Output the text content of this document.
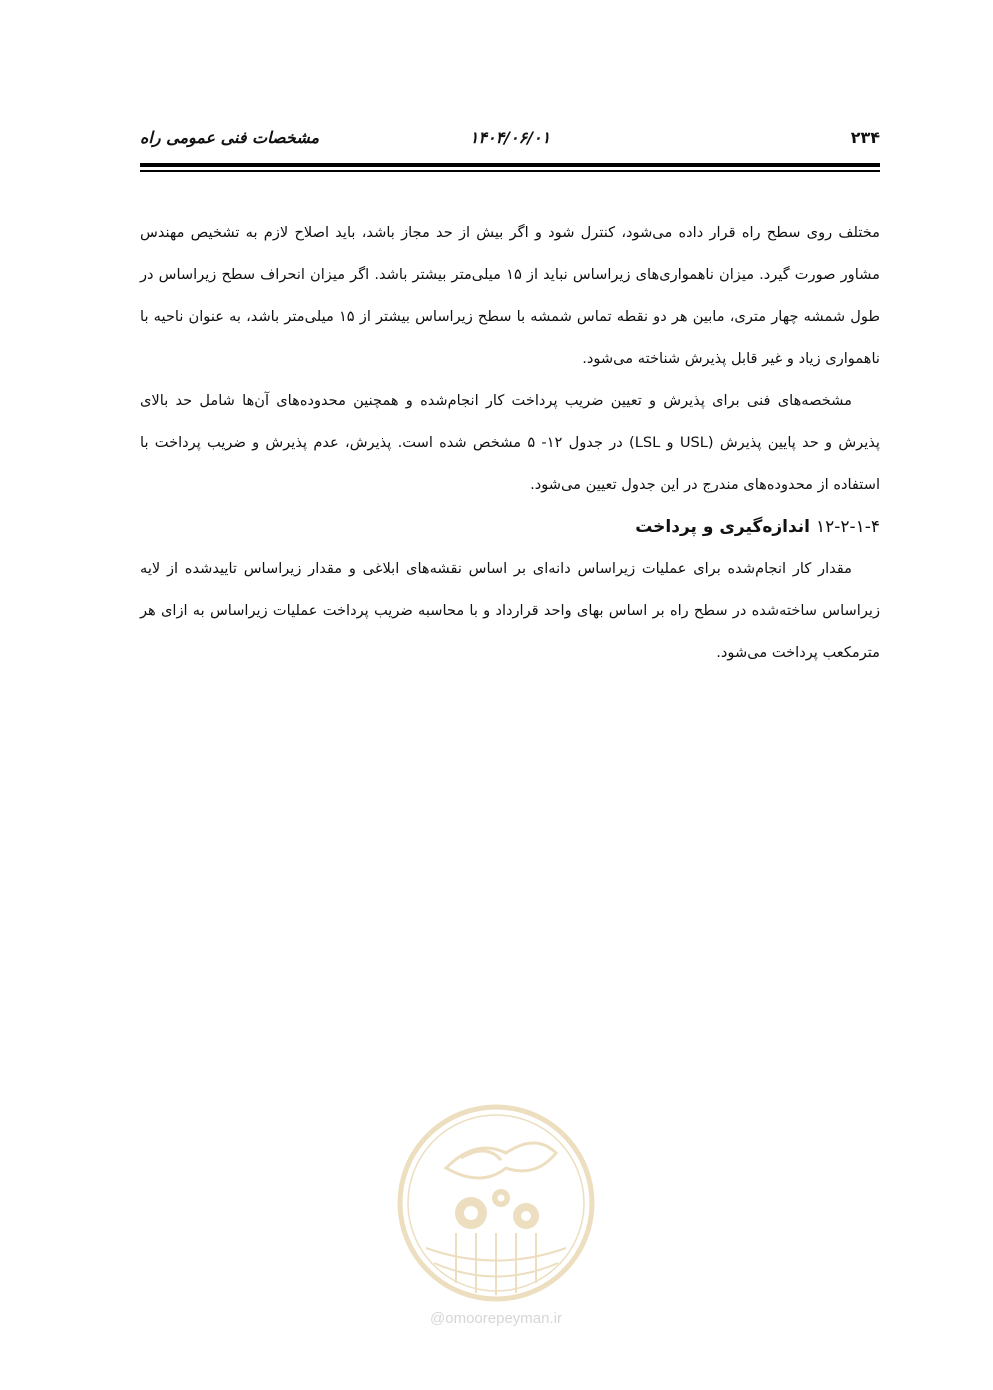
۲۳۴
۱۴۰۴/۰۶/۰۱
مشخصات فنی عمومی راه

مختلف روی سطح راه قرار داده می‌شود، کنترل شود و اگر بیش از حد مجاز باشد، باید اصلاح لازم به تشخیص مهندس مشاور صورت گیرد. میزان ناهمواری‌های زیراساس نباید از ۱۵ میلی‌متر بیشتر باشد. اگر میزان انحراف سطح زیراساس در طول شمشه چهار متری، مابین هر دو نقطه تماس شمشه با سطح زیراساس بیشتر از ۱۵ میلی‌متر باشد، به عنوان ناحیه با ناهمواری زیاد و غیر قابل پذیرش شناخته می‌شود.

مشخصه‌های فنی برای پذیرش و تعیین ضریب پرداخت کار انجام‌شده و همچنین محدوده‌های آن‌ها شامل حد بالای پذیرش و حد پایین پذیرش (USL و LSL) در جدول ۱۲- ۵ مشخص شده است. پذیرش، عدم پذیرش و ضریب پرداخت با استفاده از محدوده‌های مندرج در این جدول تعیین می‌شود.

۱۲-۲-۱-۴ اندازه‌گیری و پرداخت

مقدار کار انجام‌شده برای عملیات زیراساس دانه‌ای بر اساس نقشه‌های ابلاغی و مقدار زیراساس تاییدشده از لایه زیراساس ساخته‌شده در سطح راه بر اساس بهای واحد قرارداد و با محاسبه ضریب پرداخت عملیات زیراساس به ازای هر مترمکعب پرداخت می‌شود.

@omoorepeyman.ir
